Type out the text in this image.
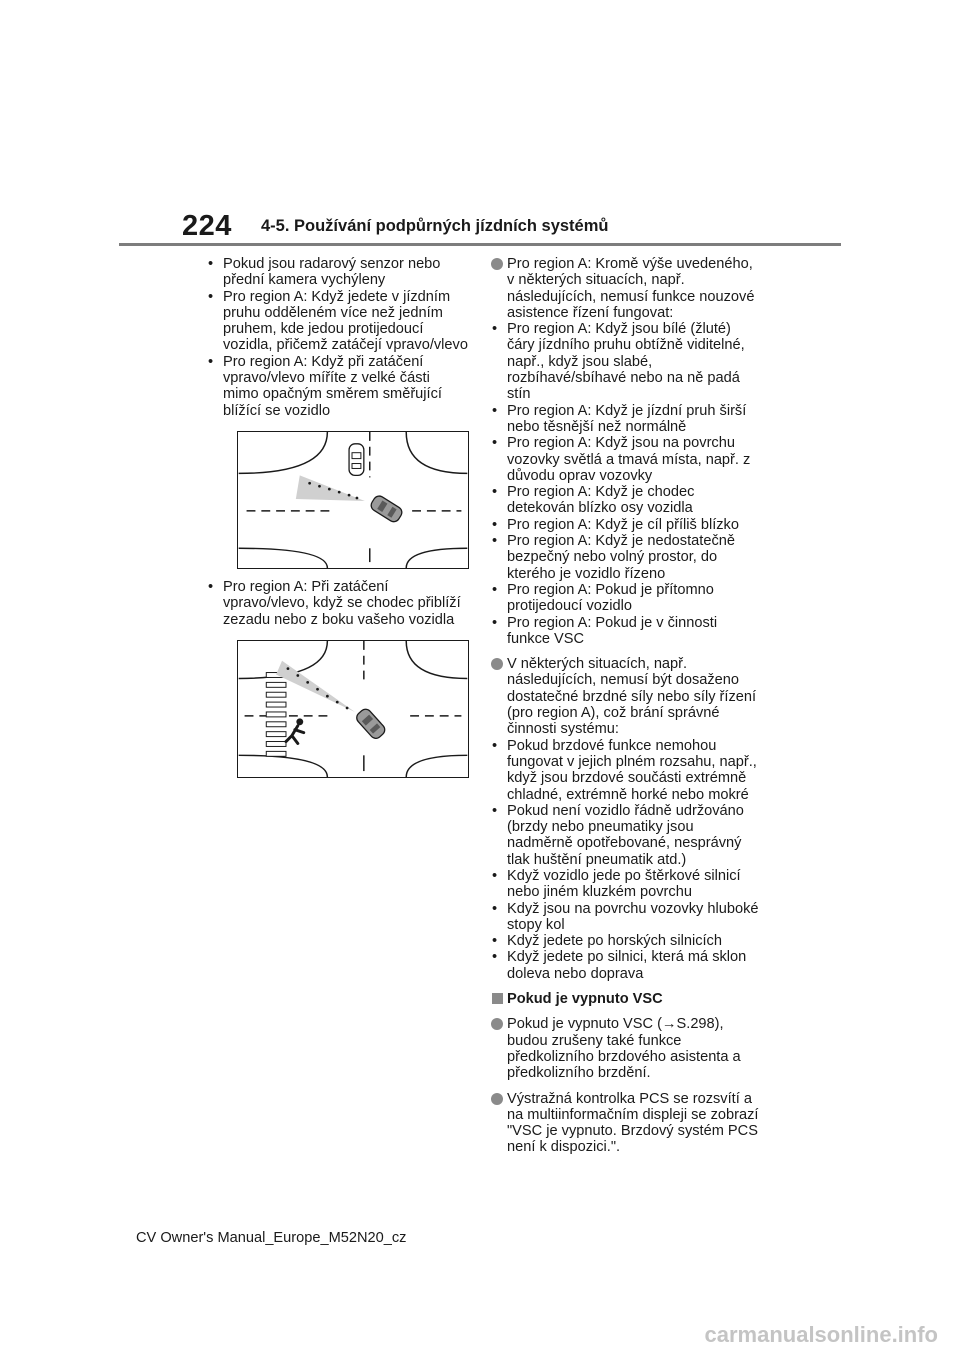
224 4-5. Používání podpůrných jízdních systémů
• Pokud jsou radarový senzor nebo přední kamera vychýleny
• Pro region A: Když jedete v jízdním pruhu odděleném více než jedním pruhem, kde jedou protijedoucí vozidla, přičemž zatáčejí vpravo/vlevo
• Pro region A: Když při zatáčení vpravo/vlevo míříte z velké části mimo opačným směrem směřující blížící se vozidlo
• Pro region A: Při zatáčení vpravo/vlevo, když se chodec přiblíží zezadu nebo z boku vašeho vozidla
Pro region A: Kromě výše uvedeného, v některých situacích, např. následujících, nemusí funkce nouzové asistence řízení fungovat:
• Pro region A: Když jsou bílé (žluté) čáry jízdního pruhu obtížně viditelné, např., když jsou slabé, rozbíhavé/sbíhavé nebo na ně padá stín
• Pro region A: Když je jízdní pruh širší nebo těsnější než normálně
• Pro region A: Když jsou na povrchu vozovky světlá a tmavá místa, např. z důvodu oprav vozovky
• Pro region A: Když je chodec detekován blízko osy vozidla
• Pro region A: Když je cíl příliš blízko
• Pro region A: Když je nedostatečně bezpečný nebo volný prostor, do kterého je vozidlo řízeno
• Pro region A: Pokud je přítomno protijedoucí vozidlo
• Pro region A: Pokud je v činnosti funkce VSC
V některých situacích, např. následujících, nemusí být dosaženo dostatečné brzdné síly nebo síly řízení (pro region A), což brání správné činnosti systému:
• Pokud brzdové funkce nemohou fungovat v jejich plném rozsahu, např., když jsou brzdové součásti extrémně chladné, extrémně horké nebo mokré
• Pokud není vozidlo řádně udržováno (brzdy nebo pneumatiky jsou nadměrně opotřebované, nesprávný tlak huštění pneumatik atd.)
• Když vozidlo jede po štěrkové silnicí nebo jiném kluzkém povrchu
• Když jsou na povrchu vozovky hluboké stopy kol
• Když jedete po horských silnicích
• Když jedete po silnici, která má sklon doleva nebo doprava
Pokud je vypnuto VSC
Pokud je vypnuto VSC (→S.298), budou zrušeny také funkce předkolizního brzdového asistenta a předkolizního brzdění.
Výstražná kontrolka PCS se rozsvítí a na multiinformačním displeji se zobrazí "VSC je vypnuto. Brzdový systém PCS není k dispozici.".
CV Owner's Manual_Europe_M52N20_cz
carmanualsonline.info
